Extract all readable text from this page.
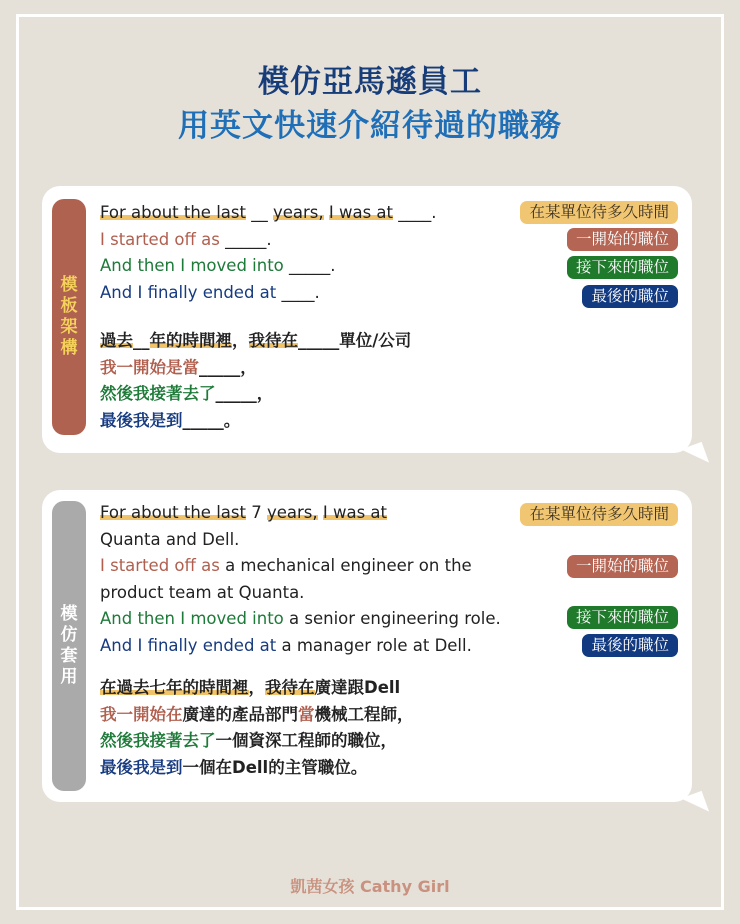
模仿亞馬遜員工
用英文快速介紹待過的職務
模板架構
For about the last __ years, I was at ____.
I started off as _____.
And then I moved into _____.
And I finally ended at ____.
過去__年的時間裡，我待在_____單位/公司
我一開始是當_____，
然後我接著去了_____，
最後我是到_____。
在某單位待多久時間
一開始的職位
接下來的職位
最後的職位
模仿套用
For about the last 7 years, I was at
Quanta and Dell.
I started off as a mechanical engineer on the
product team at Quanta.
And then I moved into a senior engineering role.
And I finally ended at a manager role at Dell.
在過去七年的時間裡，我待在廣達跟Dell
我一開始在廣達的產品部門當機械工程師，
然後我接著去了一個資深工程師的職位，
最後我是到一個在Dell的主管職位。
在某單位待多久時間
一開始的職位
接下來的職位
最後的職位
凱茜女孩 Cathy Girl
